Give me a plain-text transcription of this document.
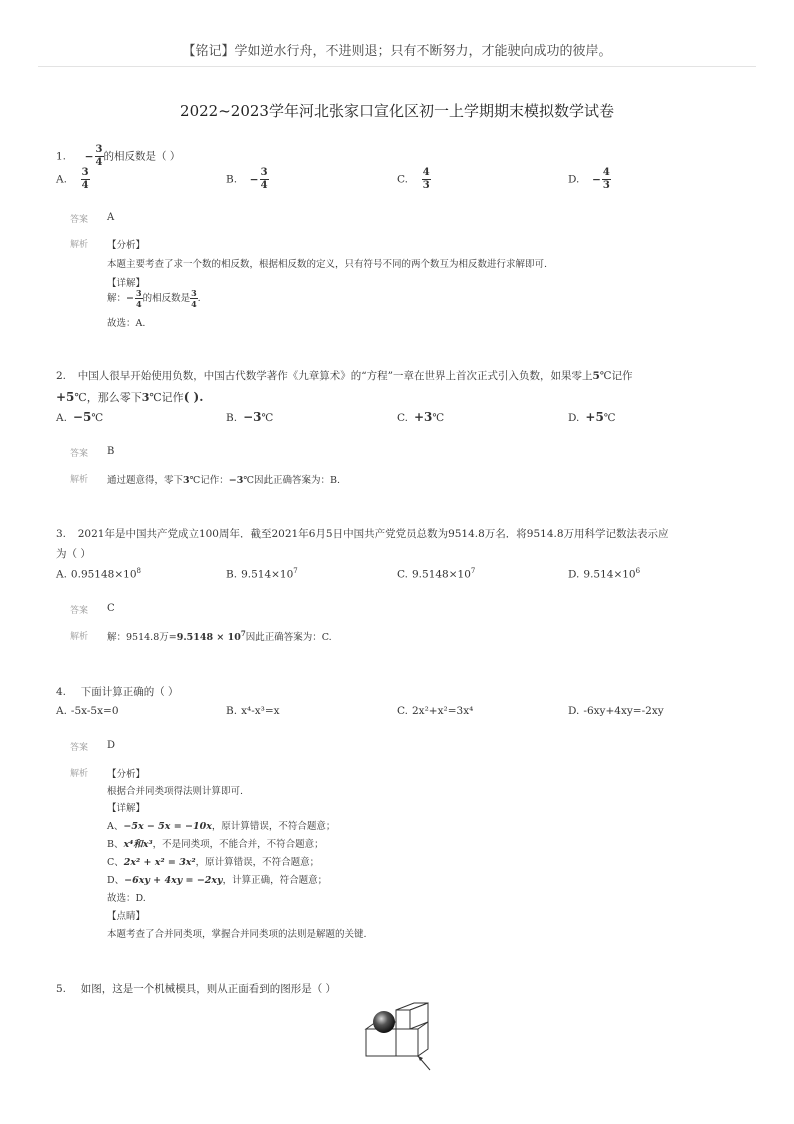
【铭记】学如逆水行舟，不进则退；只有不断努力，才能驶向成功的彼岸。
2022~2023学年河北张家口宣化区初一上学期期末模拟数学试卷
1. − $\frac{3}{4}$ 的相反数是（ ）
A. $\frac{3}{4}$	B. − $\frac{3}{4}$	C. $\frac{4}{3}$	D. − $\frac{4}{3}$
答案 A
解析 【分析】
本题主要考查了求一个数的相反数，根据相反数的定义，只有符号不同的两个数互为相反数进行求解即可.
【详解】
解：− $\frac{3}{4}$ 的相反数是 $\frac{3}{4}$ .
故选：A.
2. 中国人很早开始使用负数，中国古代数学著作《九章算术》的“方程”一章在世界上首次正式引入负数，如果零上5℃记作
+5℃，那么零下3℃记作( ).
A. −5℃	B. −3℃	C. +3℃	D. +5℃
答案 B
解析 通过题意得，零下3℃记作：−3℃因此正确答案为：B.
3. 2021年是中国共产党成立100周年．截至2021年6月5日中国共产党党员总数为9514.8万名．将9514.8万用科学记数法表示应
为（ ）
A. $0.95148\times 10^8$	B. $9.514\times 10^7$	C. $9.5148\times 10^7$	D. $9.514\times 10^6$
答案 C
解析 解：9514.8万$=9.5148 \times 10^7$因此正确答案为：C.
4. 下面计算正确的（ ）
A. -5x-5x=0	B. x⁴-x³=x	C. 2x²+x²=3x⁴	D. -6xy+4xy=-2xy
答案 D
解析 【分析】
根据合并同类项得法则计算即可.
【详解】
A、−5x − 5x = −10x，原计算错误，不符合题意；
B、x⁴和x³，不是同类项，不能合并，不符合题意；
C、2x² + x² = 3x²，原计算错误，不符合题意；
D、−6xy + 4xy = −2xy，计算正确，符合题意；
故选：D.
【点睛】
本题考查了合并同类项，掌握合并同类项的法则是解题的关键.
5. 如图，这是一个机械模具，则从正面看到的图形是（ ）
